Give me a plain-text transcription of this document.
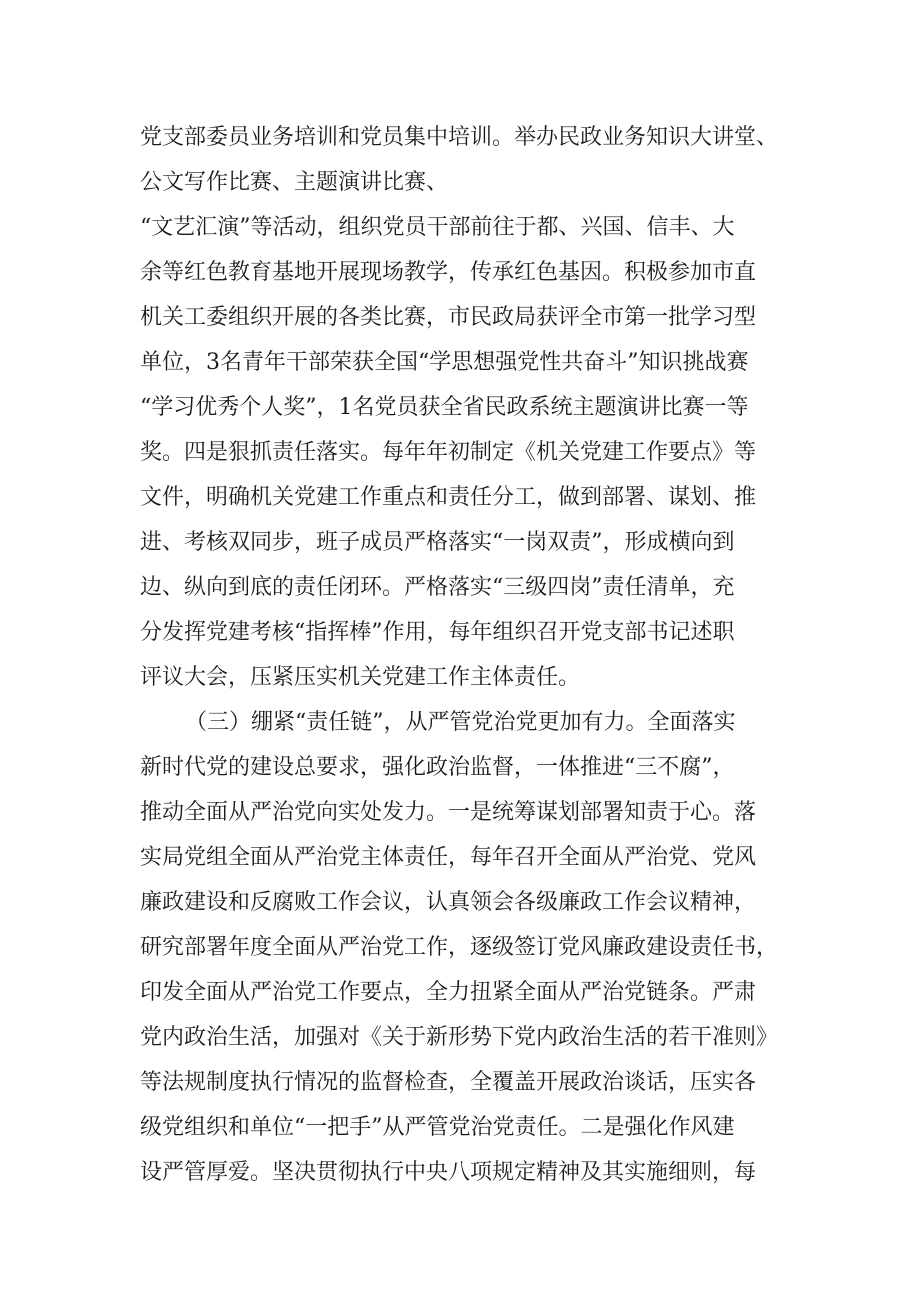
党支部委员业务培训和党员集中培训。举办民政业务知识大讲堂、
公文写作比赛、主题演讲比赛、
“文艺汇演”等活动，组织党员干部前往于都、兴国、信丰、大
余等红色教育基地开展现场教学，传承红色基因。积极参加市直
机关工委组织开展的各类比赛，市民政局获评全市第一批学习型
单位，3名青年干部荣获全国“学思想强党性共奋斗”知识挑战赛
“学习优秀个人奖”，1名党员获全省民政系统主题演讲比赛一等
奖。四是狠抓责任落实。每年年初制定《机关党建工作要点》等
文件，明确机关党建工作重点和责任分工，做到部署、谋划、推
进、考核双同步，班子成员严格落实“一岗双责”，形成横向到
边、纵向到底的责任闭环。严格落实“三级四岗”责任清单，充
分发挥党建考核“指挥棒”作用，每年组织召开党支部书记述职
评议大会，压紧压实机关党建工作主体责任。
（三）绷紧“责任链”，从严管党治党更加有力。全面落实
新时代党的建设总要求，强化政治监督，一体推进“三不腐”，
推动全面从严治党向实处发力。一是统筹谋划部署知责于心。落
实局党组全面从严治党主体责任，每年召开全面从严治党、党风
廉政建设和反腐败工作会议，认真领会各级廉政工作会议精神，
研究部署年度全面从严治党工作，逐级签订党风廉政建设责任书，
印发全面从严治党工作要点，全力扭紧全面从严治党链条。严肃
党内政治生活，加强对《关于新形势下党内政治生活的若干准则》
等法规制度执行情况的监督检查，全覆盖开展政治谈话，压实各
级党组织和单位“一把手”从严管党治党责任。二是强化作风建
设严管厚爱。坚决贯彻执行中央八项规定精神及其实施细则，每
